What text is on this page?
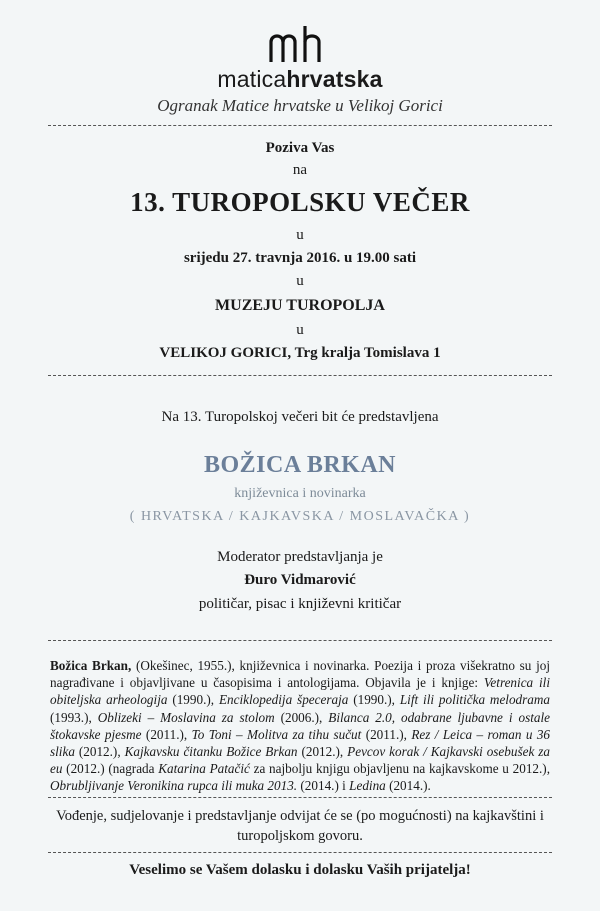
maticahrvatska
Ogranak Matice hrvatske u Velikoj Gorici
Poziva Vas
na
13. TUROPOLSKU VEČER
u
srijedu 27. travnja 2016. u 19.00 sati
u
MUZEJU TUROPOLJA
u
VELIKOJ GORICI, Trg kralja Tomislava 1
Na 13. Turopolskoj večeri bit će predstavljena
BOŽICA BRKAN
književnica i novinarka
( HRVATSKA / KAJKAVSKA / MOSLAVAČKA )
Moderator predstavljanja je
Đuro Vidmarović
političar, pisac i književni kritičar
Božica Brkan, (Okešinec, 1955.), književnica i novinarka. Poezija i proza višekratno su joj nagrađivane i objavljivane u časopisima i antologijama. Objavila je i knjige: Vetrenica ili obiteljska arheologija (1990.), Enciklopedija špeceraja (1990.), Lift ili politička melodrama (1993.), Oblizeki – Moslavina za stolom (2006.), Bilanca 2.0, odabrane ljubavne i ostale štokavske pjesme (2011.), To Toni – Molitva za tihu sučut (2011.), Rez / Leica – roman u 36 slika (2012.), Kajkavsku čitanku Božice Brkan (2012.), Pevcov korak / Kajkavski osebušek za eu (2012.) (nagrada Katarina Patačić za najbolju knjigu objavljenu na kajkavskome u 2012.), Obrubljivanje Veronikina rupca ili muka 2013. (2014.) i Ledina (2014.).
Vođenje, sudjelovanje i predstavljanje odvijat će se (po mogućnosti) na kajkavštini i
turopoljskom govoru.
Veselimo se Vašem dolasku i dolasku Vaših prijatelja!
